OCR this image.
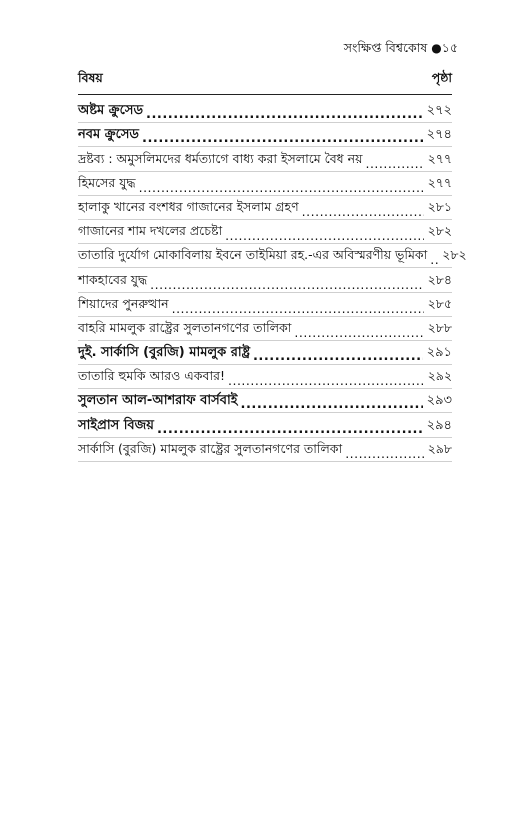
সংক্ষিপ্ত বিশ্বকোষ ●১৫
বিষয়	পৃষ্ঠা
অষ্টম ক্রুসেড .....	২৭২
নবম ক্রুসেড .....	২৭৪
দ্রষ্টব্য : অমুসলিমদের ধর্মত্যাগে বাধ্য করা ইসলামে বৈধ নয় .....	২৭৭
হিমসের যুদ্ধ .....	২৭৭
হালাকু খানের বংশধর গাজানের ইসলাম গ্রহণ .....	২৮১
গাজানের শাম দখলের প্রচেষ্টা .....	২৮২
তাতারি দুর্যোগ মোকাবিলায় ইবনে তাইমিয়া রহ.-এর অবিস্মরণীয় ভূমিকা .....	২৮২
শাকহাবের যুদ্ধ .....	২৮৪
শিয়াদের পুনরুত্থান .....	২৮৫
বাহরি মামলুক রাষ্ট্রের সুলতানগণের তালিকা .....	২৮৮
দুই. সার্কাসি (বুরজি) মামলুক রাষ্ট্র .....	২৯১
তাতারি হুমকি আরও একবার! .....	২৯২
সুলতান আল-আশরাফ বার্সবাই .....	২৯৩
সাইপ্রাস বিজয় .....	২৯৪
সার্কাসি (বুরজি) মামলুক রাষ্ট্রের সুলতানগণের তালিকা .....	২৯৮
